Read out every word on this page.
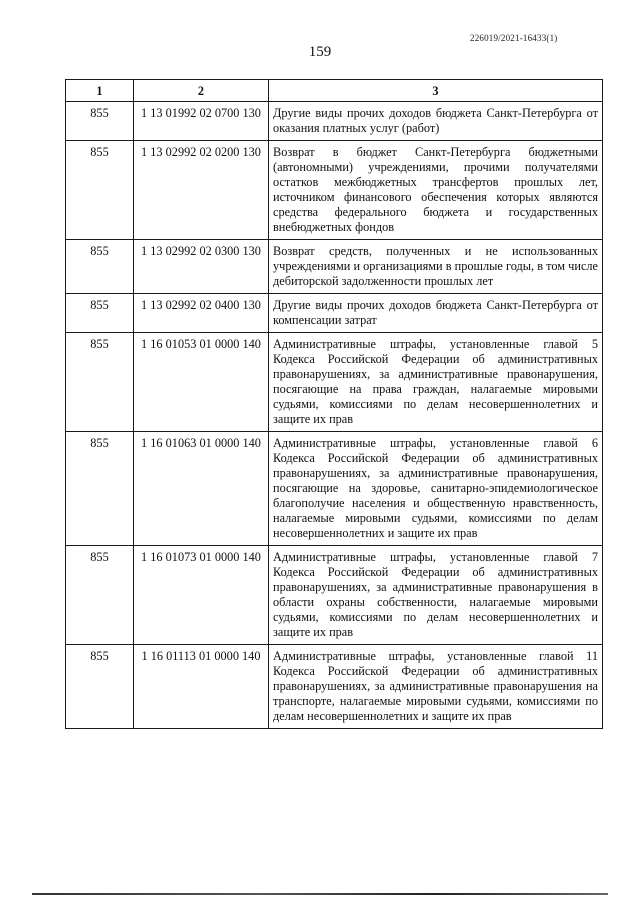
226019/2021-16433(1)
159
1	2	3
855	1 13 01992 02 0700 130	Другие виды прочих доходов бюджета Санкт-Петербурга от оказания платных услуг (работ)
855	1 13 02992 02 0200 130	Возврат в бюджет Санкт-Петербурга бюджетными (автономными) учреждениями, прочими получателями остатков межбюджетных трансфертов прошлых лет, источником финансового обеспечения которых являются средства федерального бюджета и государственных внебюджетных фондов
855	1 13 02992 02 0300 130	Возврат средств, полученных и не использованных учреждениями и организациями в прошлые годы, в том числе дебиторской задолженности прошлых лет
855	1 13 02992 02 0400 130	Другие виды прочих доходов бюджета Санкт-Петербурга от компенсации затрат
855	1 16 01053 01 0000 140	Административные штрафы, установленные главой 5 Кодекса Российской Федерации об административных правонарушениях, за административные правонарушения, посягающие на права граждан, налагаемые мировыми судьями, комиссиями по делам несовершеннолетних и защите их прав
855	1 16 01063 01 0000 140	Административные штрафы, установленные главой 6 Кодекса Российской Федерации об административных правонарушениях, за административные правонарушения, посягающие на здоровье, санитарно-эпидемиологическое благополучие населения и общественную нравственность, налагаемые мировыми судьями, комиссиями по делам несовершеннолетних и защите их прав
855	1 16 01073 01 0000 140	Административные штрафы, установленные главой 7 Кодекса Российской Федерации об административных правонарушениях, за административные правонарушения в области охраны собственности, налагаемые мировыми судьями, комиссиями по делам несовершеннолетних и защите их прав
855	1 16 01113 01 0000 140	Административные штрафы, установленные главой 11 Кодекса Российской Федерации об административных правонарушениях, за административные правонарушения на транспорте, налагаемые мировыми судьями, комиссиями по делам несовершеннолетних и защите их прав
